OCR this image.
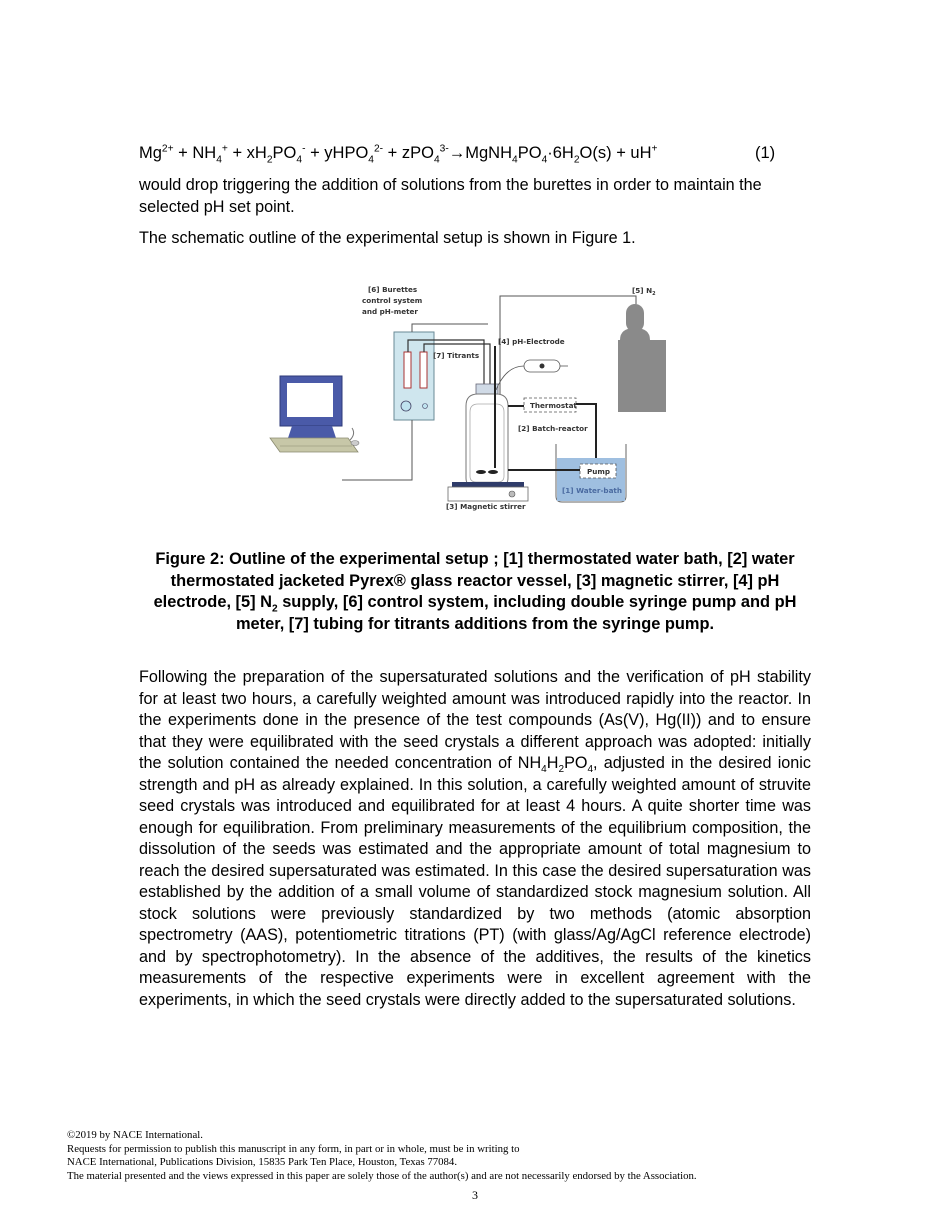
$Mg^{2+} + NH_4^+ + xH_2PO_4^-$ + yHPO$_4^{2-}$ + $zPO_4^{3-}\to MgNH_4PO_4\cdot 6H_2O(s) + uH^+$	(1)

would drop triggering the addition of solutions from the burettes in order to maintain the selected pH set point.

The schematic outline of the experimental setup is shown in Figure 1.

[6] Burettes
control system
and pH-meter
[5] $N_2$
[4] pH-Electrode
[7] Titrants
Thermostat
[2] Batch-reactor
Pump
[1] Water-bath
[3] Magnetic stirrer

Figure 2: Outline of the experimental setup ; [1] thermostated water bath, [2] water thermostated jacketed Pyrex® glass reactor vessel, [3] magnetic stirrer, [4] pH electrode, [5] $N_2$ supply, [6] control system, including double syringe pump and pH meter, [7] tubing for titrants additions from the syringe pump.

Following the preparation of the supersaturated solutions and the verification of pH stability for at least two hours, a carefully weighted amount was introduced rapidly into the reactor. In the experiments done in the presence of the test compounds (As(V), Hg(II)) and to ensure that they were equilibrated with the seed crystals a different approach was adopted: initially the solution contained the needed concentration of $NH_4H_2PO_4$, adjusted in the desired ionic strength and pH as already explained. In this solution, a carefully weighted amount of struvite seed crystals was introduced and equilibrated for at least 4 hours. A quite shorter time was enough for equilibration. From preliminary measurements of the equilibrium composition, the dissolution of the seeds was estimated and the appropriate amount of total magnesium to reach the desired supersaturated was estimated. In this case the desired supersaturation was established by the addition of a small volume of standardized stock magnesium solution. All stock solutions were previously standardized by two methods (atomic absorption spectrometry (AAS), potentiometric titrations (PT) (with glass/Ag/AgCl reference electrode) and by spectrophotometry). In the absence of the additives, the results of the kinetics measurements of the respective experiments were in excellent agreement with the experiments, in which the seed crystals were directly added to the supersaturated solutions.

©2019 by NACE International.
Requests for permission to publish this manuscript in any form, in part or in whole, must be in writing to
NACE International, Publications Division, 15835 Park Ten Place, Houston, Texas 77084.
The material presented and the views expressed in this paper are solely those of the author(s) and are not necessarily endorsed by the Association.
3
